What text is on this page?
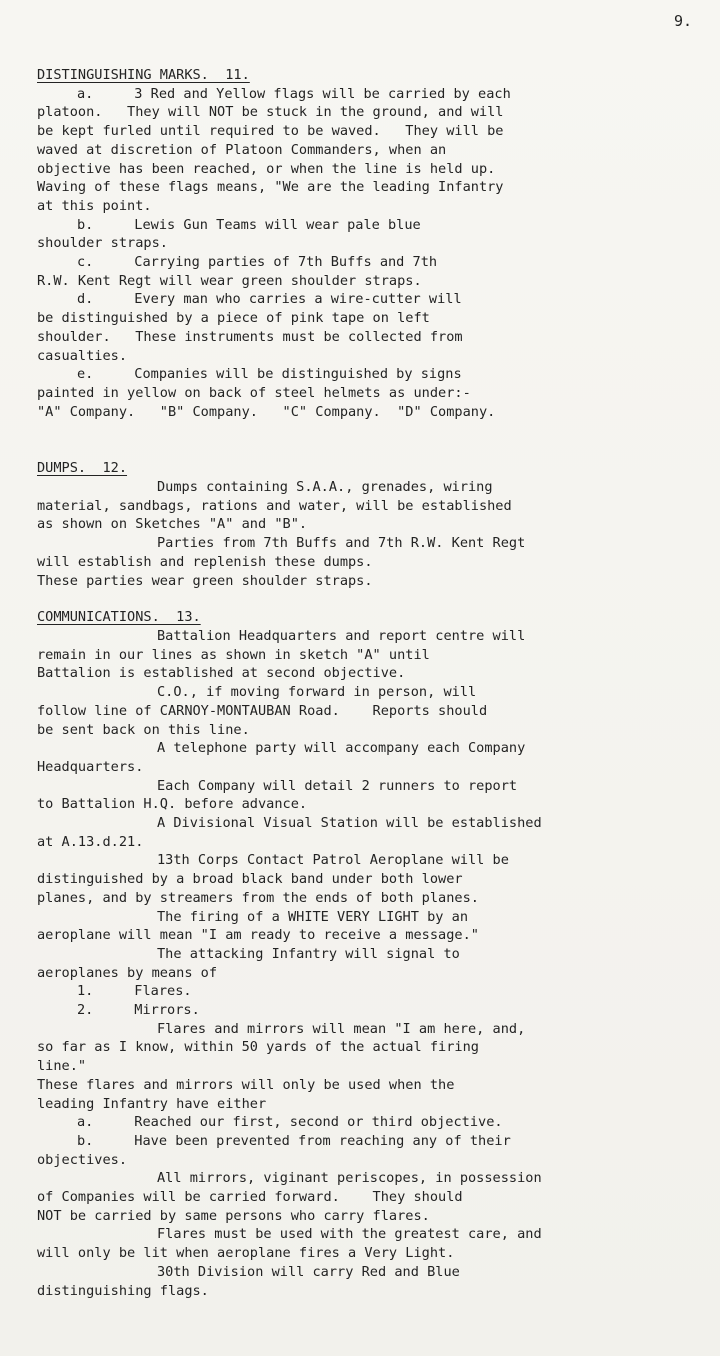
9.
DISTINGUISHING MARKS.  11.
a.     3 Red and Yellow flags will be carried by each
platoon.   They will NOT be stuck in the ground, and will
be kept furled until required to be waved.   They will be
waved at discretion of Platoon Commanders, when an
objective has been reached, or when the line is held up.
Waving of these flags means, "We are the leading Infantry
at this point.
b.     Lewis Gun Teams will wear pale blue
shoulder straps.
c.     Carrying parties of 7th Buffs and 7th
R.W. Kent Regt will wear green shoulder straps.
d.     Every man who carries a wire-cutter will
be distinguished by a piece of pink tape on left
shoulder.   These instruments must be collected from
casualties.
e.     Companies will be distinguished by signs
painted in yellow on back of steel helmets as under:-
"A" Company.   "B" Company.   "C" Company.  "D" Company.
DUMPS.  12.
Dumps containing S.A.A., grenades, wiring
material, sandbags, rations and water, will be established
as shown on Sketches "A" and "B".
Parties from 7th Buffs and 7th R.W. Kent Regt
will establish and replenish these dumps.
These parties wear green shoulder straps.
COMMUNICATIONS.  13.
Battalion Headquarters and report centre will
remain in our lines as shown in sketch "A" until
Battalion is established at second objective.
C.O., if moving forward in person, will
follow line of CARNOY-MONTAUBAN Road.    Reports should
be sent back on this line.
A telephone party will accompany each Company
Headquarters.
Each Company will detail 2 runners to report
to Battalion H.Q. before advance.
A Divisional Visual Station will be established
at A.13.d.21.
13th Corps Contact Patrol Aeroplane will be
distinguished by a broad black band under both lower
planes, and by streamers from the ends of both planes.
The firing of a WHITE VERY LIGHT by an
aeroplane will mean "I am ready to receive a message."
The attacking Infantry will signal to
aeroplanes by means of
1.     Flares.
2.     Mirrors.
Flares and mirrors will mean "I am here, and,
so far as I know, within 50 yards of the actual firing
line."
These flares and mirrors will only be used when the
leading Infantry have either
a.     Reached our first, second or third objective.
b.     Have been prevented from reaching any of their
objectives.
All mirrors, viginant periscopes, in possession
of Companies will be carried forward.    They should
NOT be carried by same persons who carry flares.
Flares must be used with the greatest care, and
will only be lit when aeroplane fires a Very Light.
30th Division will carry Red and Blue
distinguishing flags.
